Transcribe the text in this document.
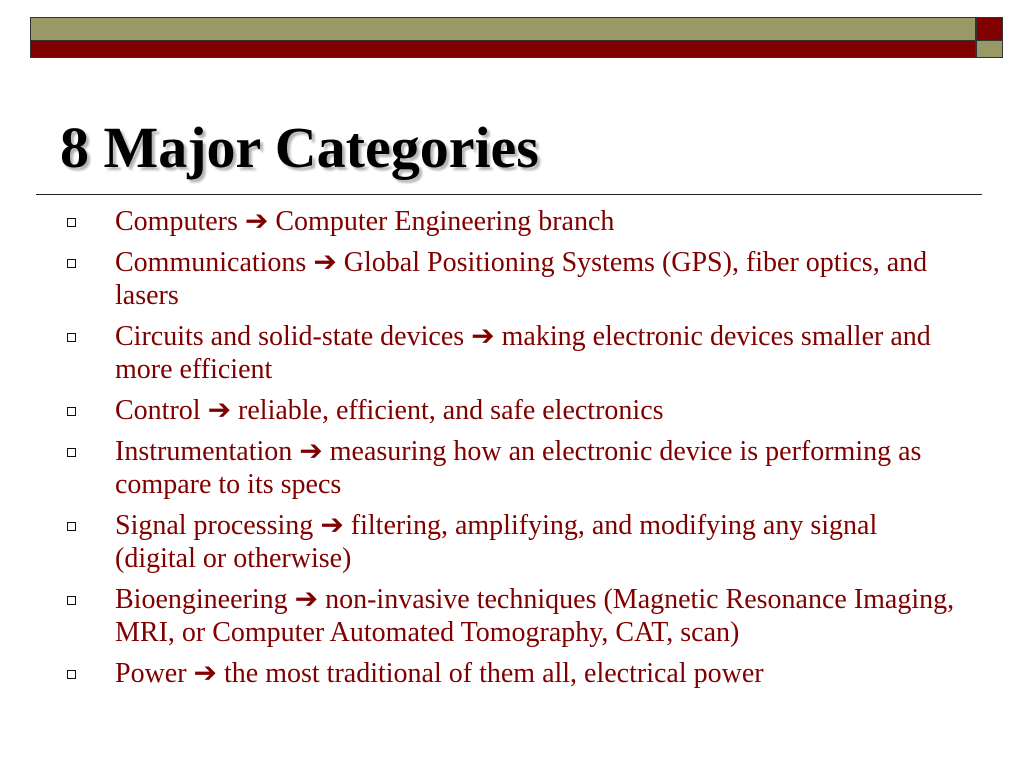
8 Major Categories
Computers ➔ Computer Engineering branch
Communications ➔ Global Positioning Systems (GPS), fiber optics, and lasers
Circuits and solid-state devices ➔ making electronic devices smaller and more efficient
Control ➔ reliable, efficient, and safe electronics
Instrumentation ➔ measuring how an electronic device is performing as compare to its specs
Signal processing ➔ filtering, amplifying, and modifying any signal (digital or otherwise)
Bioengineering ➔ non-invasive techniques (Magnetic Resonance Imaging, MRI, or Computer Automated Tomography, CAT, scan)
Power ➔ the most traditional of them all, electrical power
